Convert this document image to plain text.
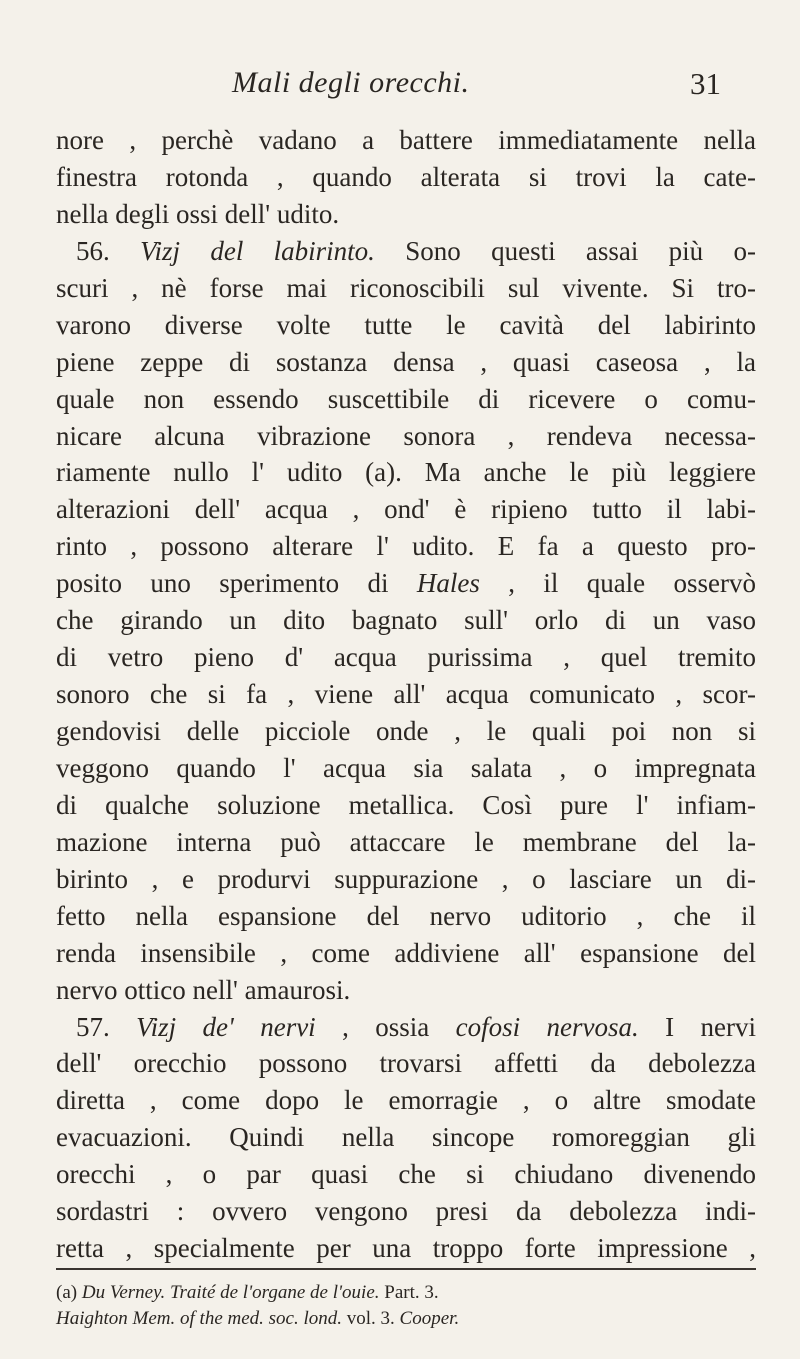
Mali degli orecchi.	31
nore , perchè vadano a battere immediatamente nella
finestra rotonda , quando alterata si trovi la cate-
nella degli ossi dell' udito.
56. Vizj del labirinto. Sono questi assai più o-
scuri , nè forse mai riconoscibili sul vivente. Si tro-
varono diverse volte tutte le cavità del labirinto
piene zeppe di sostanza densa , quasi caseosa , la
quale non essendo suscettibile di ricevere o comu-
nicare alcuna vibrazione sonora , rendeva necessa-
riamente nullo l' udito (a). Ma anche le più leggiere
alterazioni dell' acqua , ond' è ripieno tutto il labi-
rinto , possono alterare l' udito. E fa a questo pro-
posito uno sperimento di Hales , il quale osservò
che girando un dito bagnato sull' orlo di un vaso
di vetro pieno d' acqua purissima , quel tremito
sonoro che si fa , viene all' acqua comunicato , scor-
gendovisi delle picciole onde , le quali poi non si
veggono quando l' acqua sia salata , o impregnata
di qualche soluzione metallica. Così pure l' infiam-
mazione interna può attaccare le membrane del la-
birinto , e produrvi suppurazione , o lasciare un di-
fetto nella espansione del nervo uditorio , che il
renda insensibile , come addiviene all' espansione del
nervo ottico nell' amaurosi.
57. Vizj de' nervi , ossia cofosi nervosa. I nervi
dell' orecchio possono trovarsi affetti da debolezza
diretta , come dopo le emorragie , o altre smodate
evacuazioni. Quindi nella sincope romoreggian gli
orecchi , o par quasi che si chiudano divenendo
sordastri : ovvero vengono presi da debolezza indi-
retta , specialmente per una troppo forte impressione ,
(a) Du Verney. Traité de l'organe de l'ouie. Part. 3.
Haighton Mem. of the med. soc. lond. vol. 3. Cooper.
